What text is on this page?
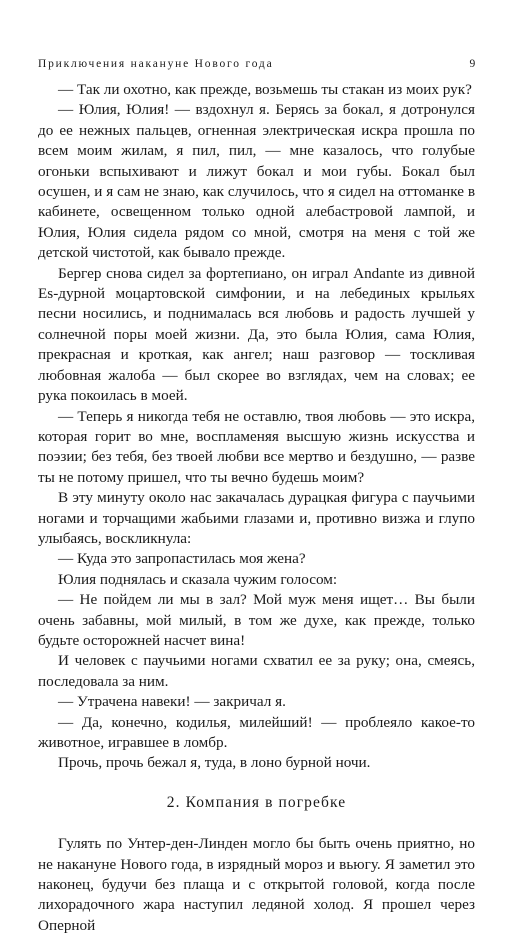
Приключения накануне Нового года	9

— Так ли охотно, как прежде, возьмешь ты стакан из моих рук?

— Юлия, Юлия! — вздохнул я. Берясь за бокал, я дотронулся до ее нежных пальцев, огненная электрическая искра прошла по всем моим жилам, я пил, пил, — мне казалось, что голубые огоньки вспыхивают и лижут бокал и мои губы. Бокал был осушен, и я сам не знаю, как случилось, что я сидел на оттоманке в кабинете, освещенном только одной алебастровой лампой, и Юлия, Юлия сидела рядом со мной, смотря на меня с той же детской чистотой, как бывало прежде.

Бергер снова сидел за фортепиано, он играл Andante из дивной Es-дурной моцартовской симфонии, и на лебединых крыльях песни носились, и поднималась вся любовь и радость лучшей у солнечной поры моей жизни. Да, это была Юлия, сама Юлия, прекрасная и кроткая, как ангел; наш разговор — тоскливая любовная жалоба — был скорее во взглядах, чем на словах; ее рука покоилась в моей.

— Теперь я никогда тебя не оставлю, твоя любовь — это искра, которая горит во мне, воспламеняя высшую жизнь искусства и поэзии; без тебя, без твоей любви все мертво и бездушно, — разве ты не потому пришел, что ты вечно будешь моим?

В эту минуту около нас закачалась дурацкая фигура с паучьими ногами и торчащими жабьими глазами и, противно визжа и глупо улыбаясь, воскликнула:

— Куда это запропастилась моя жена?

Юлия поднялась и сказала чужим голосом:

— Не пойдем ли мы в зал? Мой муж меня ищет… Вы были очень забавны, мой милый, в том же духе, как прежде, только будьте осторожней насчет вина!

И человек с паучьими ногами схватил ее за руку; она, смеясь, последовала за ним.

— Утрачена навеки! — закричал я.

— Да, конечно, кодилья, милейший! — проблеяло какое-то животное, игравшее в ломбр.

Прочь, прочь бежал я, туда, в лоно бурной ночи.

2. Компания в погребке

Гулять по Унтер-ден-Линден могло бы быть очень приятно, но не накануне Нового года, в изрядный мороз и вьюгу. Я заметил это наконец, будучи без плаща и с открытой головой, когда после лихорадочного жара наступил ледяной холод. Я прошел через Оперной
